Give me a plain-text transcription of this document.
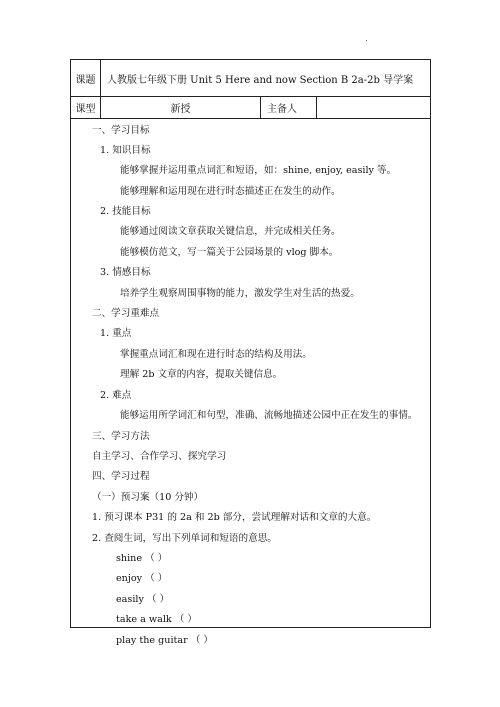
课题	人教版七年级下册 Unit 5 Here and now Section B 2a-2b 导学案
课型	新授	主备人
一、学习目标
1. 知识目标
能够掌握并运用重点词汇和短语，如：shine, enjoy, easily 等。
能够理解和运用现在进行时态描述正在发生的动作。
2. 技能目标
能够通过阅读文章获取关键信息，并完成相关任务。
能够模仿范文，写一篇关于公园场景的 vlog 脚本。
3. 情感目标
培养学生观察周围事物的能力，激发学生对生活的热爱。
二、学习重难点
1. 重点
掌握重点词汇和现在进行时态的结构及用法。
理解 2b 文章的内容，提取关键信息。
2. 难点
能够运用所学词汇和句型，准确、流畅地描述公园中正在发生的事情。
三、学习方法
自主学习、合作学习、探究学习
四、学习过程
（一）预习案（10 分钟）
1. 预习课本 P31 的 2a 和 2b 部分，尝试理解对话和文章的大意。
2. 查阅生词，写出下列单词和短语的意思。
shine （ ）
enjoy （ ）
easily （ ）
take a walk （ ）
play the guitar （ ）
